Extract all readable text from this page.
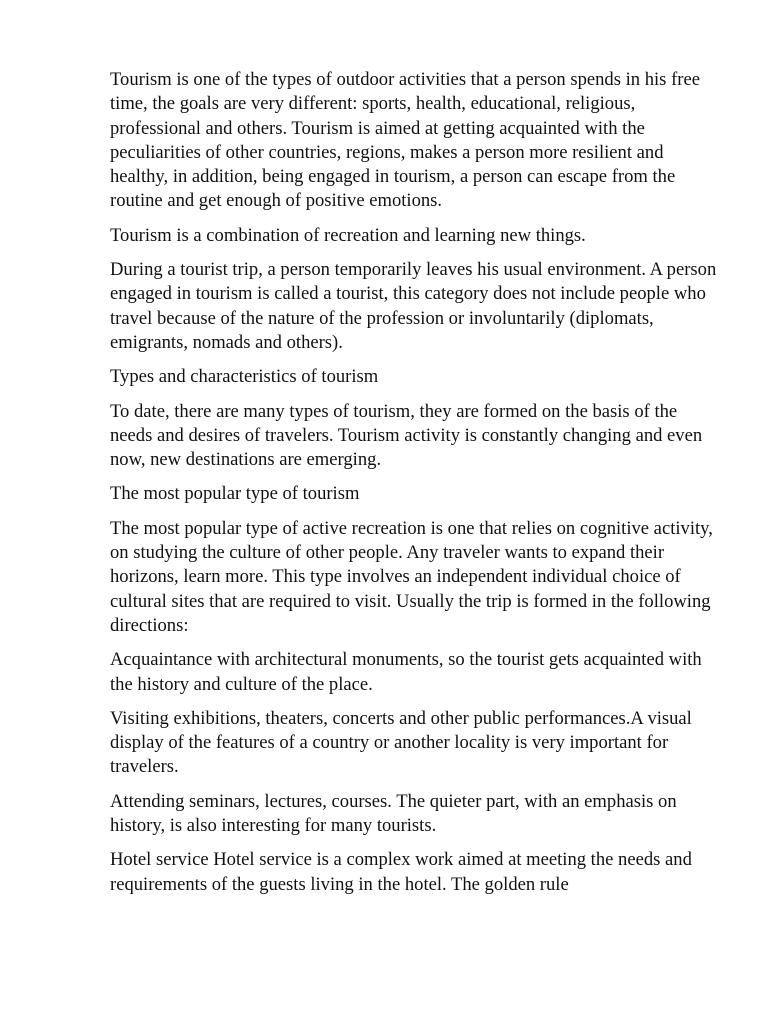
Tourism is one of the types of outdoor activities that a person spends in his free time, the goals are very different: sports, health, educational, religious, professional and others. Tourism is aimed at getting acquainted with the peculiarities of other countries, regions, makes a person more resilient and healthy, in addition, being engaged in tourism, a person can escape from the routine and get enough of positive emotions.

Tourism is a combination of recreation and learning new things.

During a tourist trip, a person temporarily leaves his usual environment. A person engaged in tourism is called a tourist, this category does not include people who travel because of the nature of the profession or involuntarily (diplomats, emigrants, nomads and others).

Types and characteristics of tourism

To date, there are many types of tourism, they are formed on the basis of the needs and desires of travelers. Tourism activity is constantly changing and even now, new destinations are emerging.

The most popular type of tourism

The most popular type of active recreation is one that relies on cognitive activity, on studying the culture of other people. Any traveler wants to expand their horizons, learn more. This type involves an independent individual choice of cultural sites that are required to visit. Usually the trip is formed in the following directions:

Acquaintance with architectural monuments, so the tourist gets acquainted with the history and culture of the place.

Visiting exhibitions, theaters, concerts and other public performances.A visual display of the features of a country or another locality is very important for travelers.

Attending seminars, lectures, courses. The quieter part, with an emphasis on history, is also interesting for many tourists.

Hotel service Hotel service is a complex work aimed at meeting the needs and requirements of the guests living in the hotel. The golden rule
